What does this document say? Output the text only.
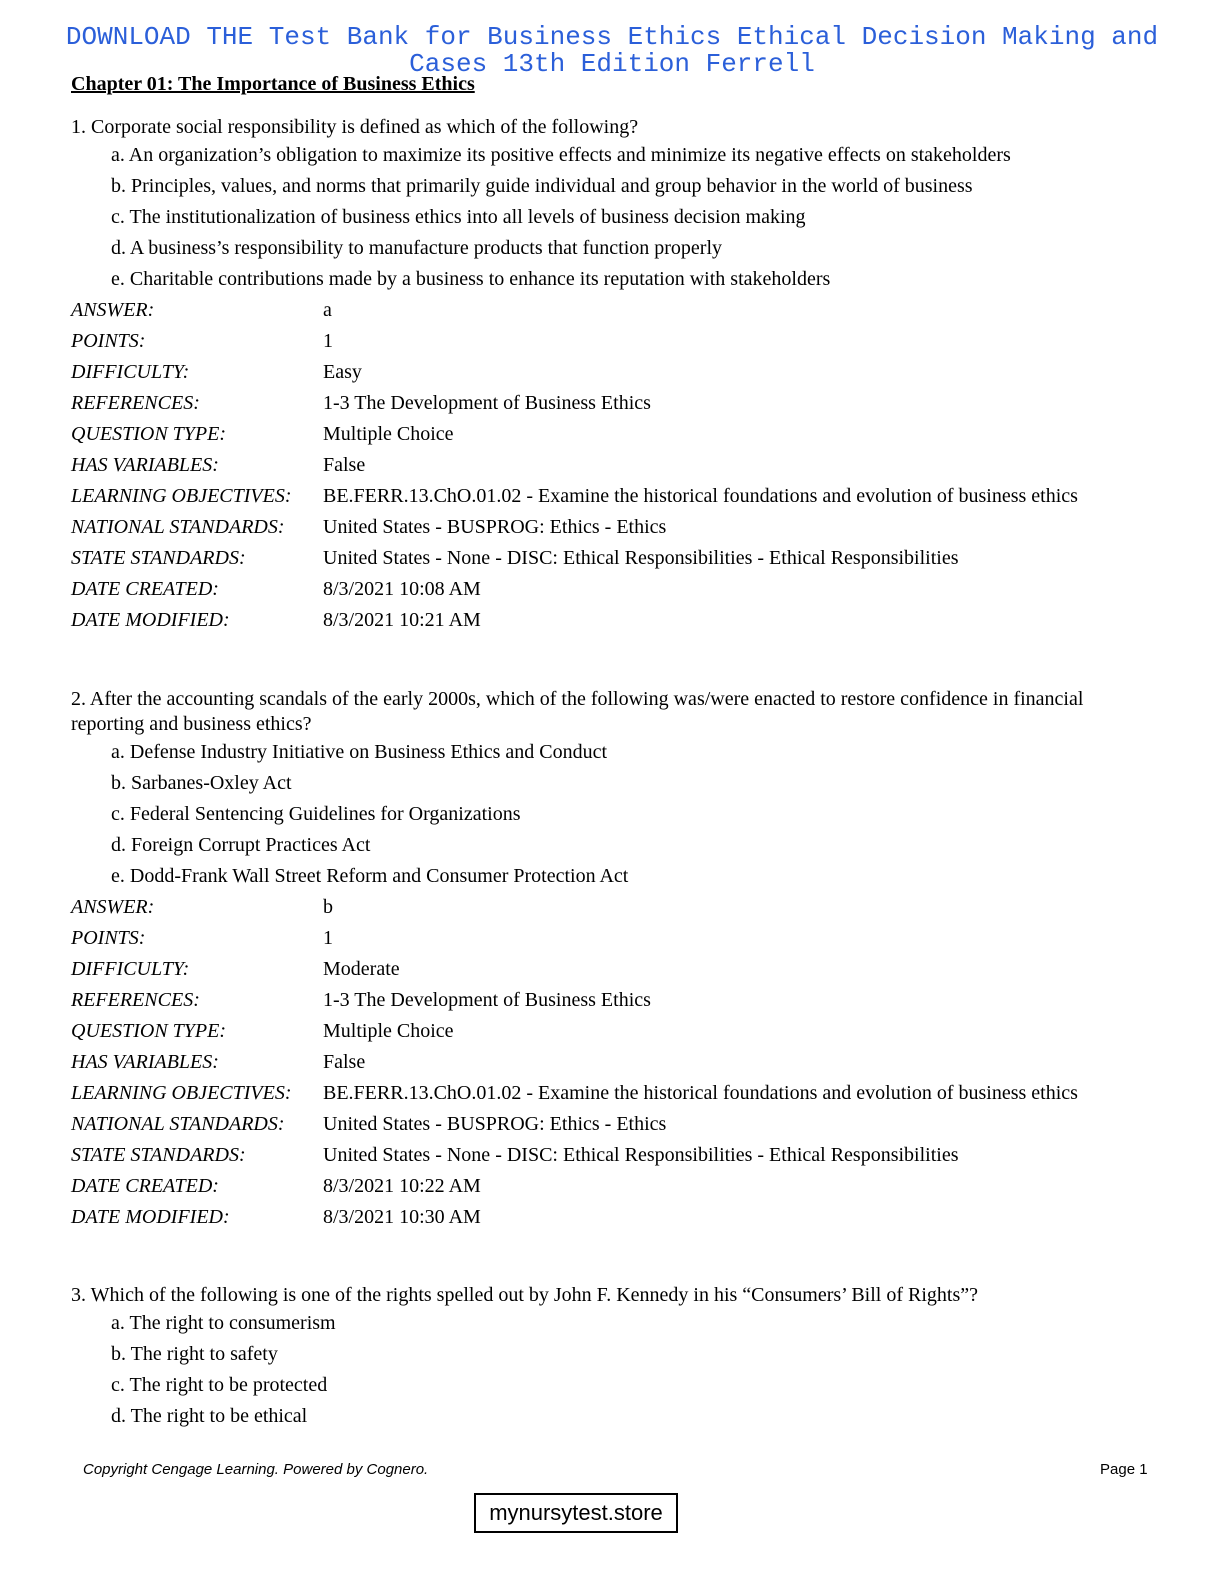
DOWNLOAD THE Test Bank for Business Ethics Ethical Decision Making and
Cases 13th Edition Ferrell
Chapter 01: The Importance of Business Ethics
1. Corporate social responsibility is defined as which of the following?
a. An organization’s obligation to maximize its positive effects and minimize its negative effects on stakeholders
b. Principles, values, and norms that primarily guide individual and group behavior in the world of business
c. The institutionalization of business ethics into all levels of business decision making
d. A business’s responsibility to manufacture products that function properly
e. Charitable contributions made by a business to enhance its reputation with stakeholders
ANSWER:	a
POINTS:	1
DIFFICULTY:	Easy
REFERENCES:	1-3 The Development of Business Ethics
QUESTION TYPE:	Multiple Choice
HAS VARIABLES:	False
LEARNING OBJECTIVES:	BE.FERR.13.ChO.01.02 - Examine the historical foundations and evolution of business ethics
NATIONAL STANDARDS:	United States - BUSPROG: Ethics - Ethics
STATE STANDARDS:	United States - None - DISC: Ethical Responsibilities - Ethical Responsibilities
DATE CREATED:	8/3/2021 10:08 AM
DATE MODIFIED:	8/3/2021 10:21 AM
2. After the accounting scandals of the early 2000s, which of the following was/were enacted to restore confidence in financial reporting and business ethics?
a. Defense Industry Initiative on Business Ethics and Conduct
b. Sarbanes-Oxley Act
c. Federal Sentencing Guidelines for Organizations
d. Foreign Corrupt Practices Act
e. Dodd-Frank Wall Street Reform and Consumer Protection Act
ANSWER:	b
POINTS:	1
DIFFICULTY:	Moderate
REFERENCES:	1-3 The Development of Business Ethics
QUESTION TYPE:	Multiple Choice
HAS VARIABLES:	False
LEARNING OBJECTIVES:	BE.FERR.13.ChO.01.02 - Examine the historical foundations and evolution of business ethics
NATIONAL STANDARDS:	United States - BUSPROG: Ethics - Ethics
STATE STANDARDS:	United States - None - DISC: Ethical Responsibilities - Ethical Responsibilities
DATE CREATED:	8/3/2021 10:22 AM
DATE MODIFIED:	8/3/2021 10:30 AM
3. Which of the following is one of the rights spelled out by John F. Kennedy in his “Consumers’ Bill of Rights”?
a. The right to consumerism
b. The right to safety
c. The right to be protected
d. The right to be ethical
Copyright Cengage Learning. Powered by Cognero.	Page 1
mynursytest.store
